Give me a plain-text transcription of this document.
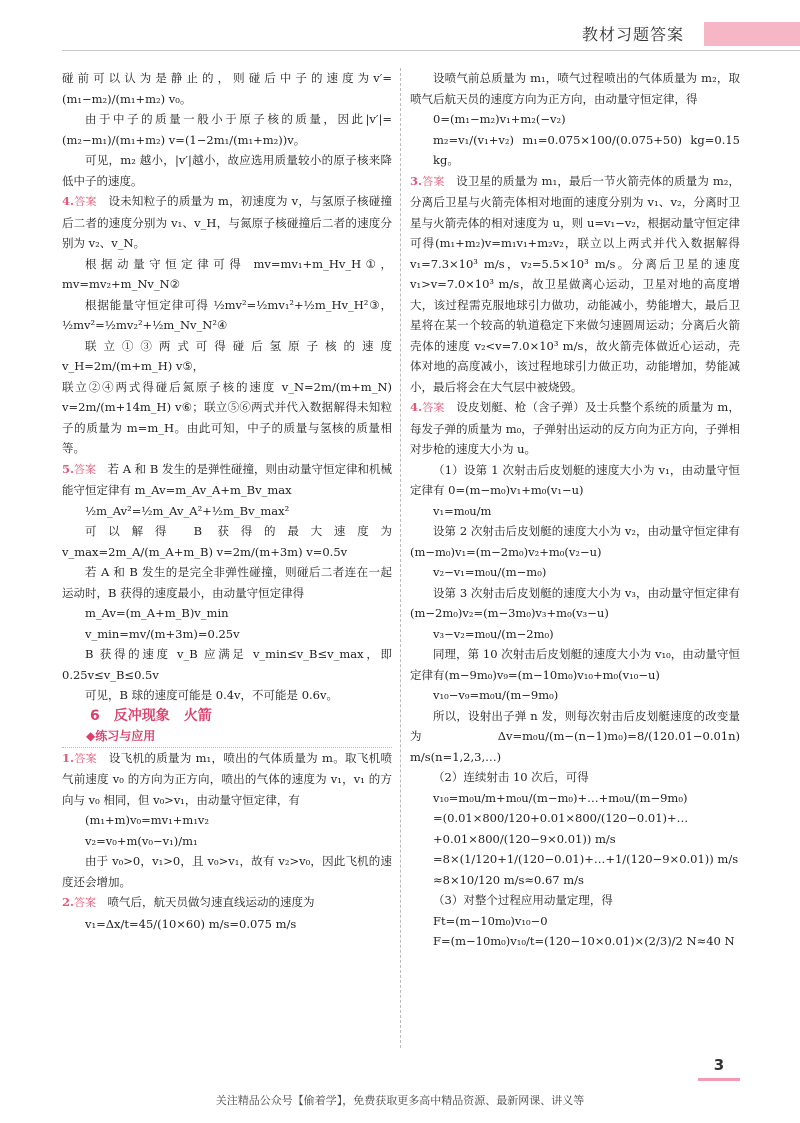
教材习题答案

碰前可以认为是静止的，则碰后中子的速度为v′=(m₁−m₂)/(m₁+m₂) v₀。

由于中子的质量一般小于原子核的质量，因此|v′|=(m₂−m₁)/(m₁+m₂) v=(1−2m₁/(m₁+m₂))v。

可见，m₂ 越小，|v′|越小，故应选用质量较小的原子核来降低中子的速度。

4.答案　 设未知粒子的质量为 m，初速度为 v，与氢原子核碰撞后二者的速度分别为 v₁、v_H，与氮原子核碰撞后二者的速度分别为 v₂、v_N。

根据动量守恒定律可得 mv=mv₁+m_Hv_H①，mv=mv₂+m_Nv_N②

根据能量守恒定律可得 ½mv²=½mv₁²+½m_Hv_H²③，½mv²=½mv₂²+½m_Nv_N²④

联立①③两式可得碰后氢原子核的速度 v_H=2m/(m+m_H) v⑤，

联立②④两式得碰后氮原子核的速度 v_N=2m/(m+m_N) v=2m/(m+14m_H) v⑥；联立⑤⑥两式并代入数据解得未知粒子的质量为 m=m_H。由此可知，中子的质量与氢核的质量相等。

5.答案　 若 A 和 B 发生的是弹性碰撞，则由动量守恒定律和机械能守恒定律有 m_Av=m_Av_A+m_Bv_max

½m_Av²=½m_Av_A²+½m_Bv_max²

可以解得 B 获得的最大速度为 v_max=2m_A/(m_A+m_B) v=2m/(m+3m) v=0.5v

若 A 和 B 发生的是完全非弹性碰撞，则碰后二者连在一起运动时，B 获得的速度最小，由动量守恒定律得

m_Av=(m_A+m_B)v_min

v_min=mv/(m+3m)=0.25v

B 获得的速度 v_B 应满足 v_min≤v_B≤v_max，即 0.25v≤v_B≤0.5v

可见，B 球的速度可能是 0.4v，不可能是 0.6v。

6　反冲现象　火箭

◆练习与应用

1.答案　 设飞机的质量为 m₁，喷出的气体质量为 m。取飞机喷气前速度 v₀ 的方向为正方向，喷出的气体的速度为 v₁，v₁ 的方向与 v₀ 相同，但 v₀>v₁，由动量守恒定律，有

(m₁+m)v₀=mv₁+m₁v₂

v₂=v₀+m(v₀−v₁)/m₁

由于 v₀>0，v₁>0，且 v₀>v₁，故有 v₂>v₀，因此飞机的速度还会增加。

2.答案　 喷气后，航天员做匀速直线运动的速度为

v₁=Δx/t=45/(10×60) m/s=0.075 m/s

设喷气前总质量为 m₁，喷气过程喷出的气体质量为 m₂，取喷气后航天员的速度方向为正方向，由动量守恒定律，得

0=(m₁−m₂)v₁+m₂(−v₂)

m₂=v₁/(v₁+v₂) m₁=0.075×100/(0.075+50) kg=0.15 kg。

3.答案　 设卫星的质量为 m₁，最后一节火箭壳体的质量为 m₂，分离后卫星与火箭壳体相对地面的速度分别为 v₁、v₂，分离时卫星与火箭壳体的相对速度为 u，则 u=v₁−v₂，根据动量守恒定律可得(m₁+m₂)v=m₁v₁+m₂v₂，联立以上两式并代入数据解得 v₁=7.3×10³ m/s，v₂=5.5×10³ m/s。分离后卫星的速度 v₁>v=7.0×10³ m/s，故卫星做离心运动，卫星对地的高度增大，该过程需克服地球引力做功，动能减小，势能增大，最后卫星将在某一个较高的轨道稳定下来做匀速圆周运动；分离后火箭壳体的速度 v₂<v=7.0×10³ m/s，故火箭壳体做近心运动，壳体对地的高度减小，该过程地球引力做正功，动能增加，势能减小，最后将会在大气层中被烧毁。

4.答案　 设皮划艇、枪（含子弹）及士兵整个系统的质量为 m，每发子弹的质量为 m₀，子弹射出运动的反方向为正方向，子弹相对步枪的速度大小为 u。

（1）设第 1 次射击后皮划艇的速度大小为 v₁，由动量守恒定律有 0=(m−m₀)v₁+m₀(v₁−u)

v₁=m₀u/m

设第 2 次射击后皮划艇的速度大小为 v₂，由动量守恒定律有(m−m₀)v₁=(m−2m₀)v₂+m₀(v₂−u)

v₂−v₁=m₀u/(m−m₀)

设第 3 次射击后皮划艇的速度大小为 v₃，由动量守恒定律有(m−2m₀)v₂=(m−3m₀)v₃+m₀(v₃−u)

v₃−v₂=m₀u/(m−2m₀)

同理，第 10 次射击后皮划艇的速度大小为 v₁₀，由动量守恒定律有(m−9m₀)v₉=(m−10m₀)v₁₀+m₀(v₁₀−u)

v₁₀−v₉=m₀u/(m−9m₀)

所以，设射出子弹 n 发，则每次射击后皮划艇速度的改变量为 Δv=m₀u/(m−(n−1)m₀)=8/(120.01−0.01n) m/s(n=1,2,3,…)

（2）连续射击 10 次后，可得

v₁₀=m₀u/m+m₀u/(m−m₀)+…+m₀u/(m−9m₀)

=(0.01×800/120+0.01×800/(120−0.01)+…+0.01×800/(120−9×0.01)) m/s

=8×(1/120+1/(120−0.01)+…+1/(120−9×0.01)) m/s

≈8×10/120 m/s≈0.67 m/s

（3）对整个过程应用动量定理，得

Ft=(m−10m₀)v₁₀−0

F=(m−10m₀)v₁₀/t=(120−10×0.01)×(2/3)/2 N≈40 N

3
关注精品公众号【偷着学】，免费获取更多高中精品资源、最新网课、讲义等
